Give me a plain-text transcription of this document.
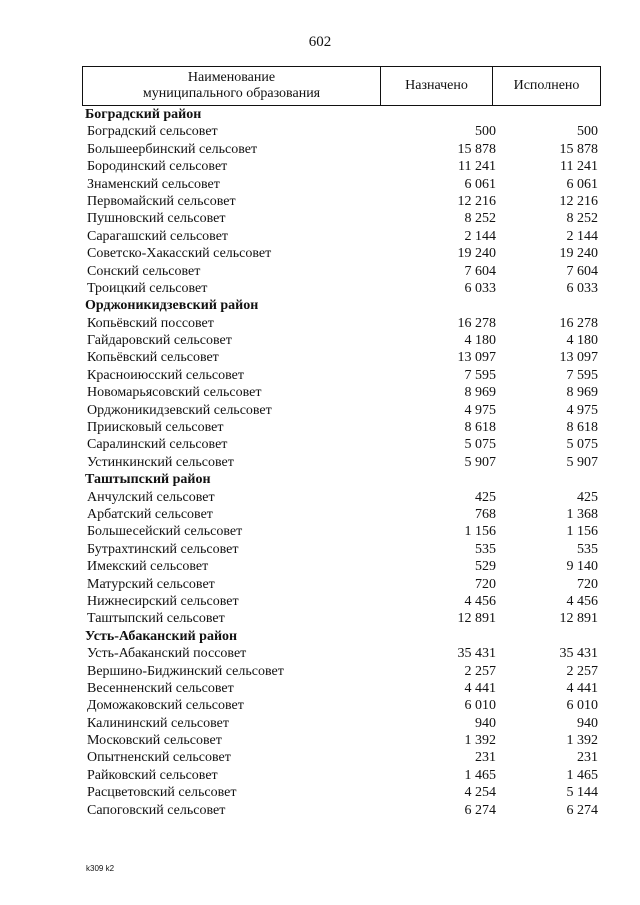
602
Наименование
муниципального образования
Назначено	Исполнено
Боградский район
Боградский сельсовет	500	500
Большеербинский сельсовет	15 878	15 878
Бородинский сельсовет	11 241	11 241
Знаменский сельсовет	6 061	6 061
Первомайский сельсовет	12 216	12 216
Пушновский сельсовет	8 252	8 252
Сарагашский сельсовет	2 144	2 144
Советско-Хакасский сельсовет	19 240	19 240
Сонский сельсовет	7 604	7 604
Троицкий сельсовет	6 033	6 033
Орджоникидзевский район
Копьёвский поссовет	16 278	16 278
Гайдаровский сельсовет	4 180	4 180
Копьёвский сельсовет	13 097	13 097
Красноиюсский сельсовет	7 595	7 595
Новомарьясовский сельсовет	8 969	8 969
Орджоникидзевский сельсовет	4 975	4 975
Приисковый сельсовет	8 618	8 618
Саралинский сельсовет	5 075	5 075
Устинкинский сельсовет	5 907	5 907
Таштыпский район
Анчулский сельсовет	425	425
Арбатский сельсовет	768	1 368
Большесейский сельсовет	1 156	1 156
Бутрахтинский сельсовет	535	535
Имекский сельсовет	529	9 140
Матурский сельсовет	720	720
Нижнесирский сельсовет	4 456	4 456
Таштыпский сельсовет	12 891	12 891
Усть-Абаканский район
Усть-Абаканский поссовет	35 431	35 431
Вершино-Биджинский сельсовет	2 257	2 257
Весенненский сельсовет	4 441	4 441
Доможаковский сельсовет	6 010	6 010
Калининский сельсовет	940	940
Московский сельсовет	1 392	1 392
Опытненский сельсовет	231	231
Райковский сельсовет	1 465	1 465
Расцветовский сельсовет	4 254	5 144
Сапоговский сельсовет	6 274	6 274
k309 k2
